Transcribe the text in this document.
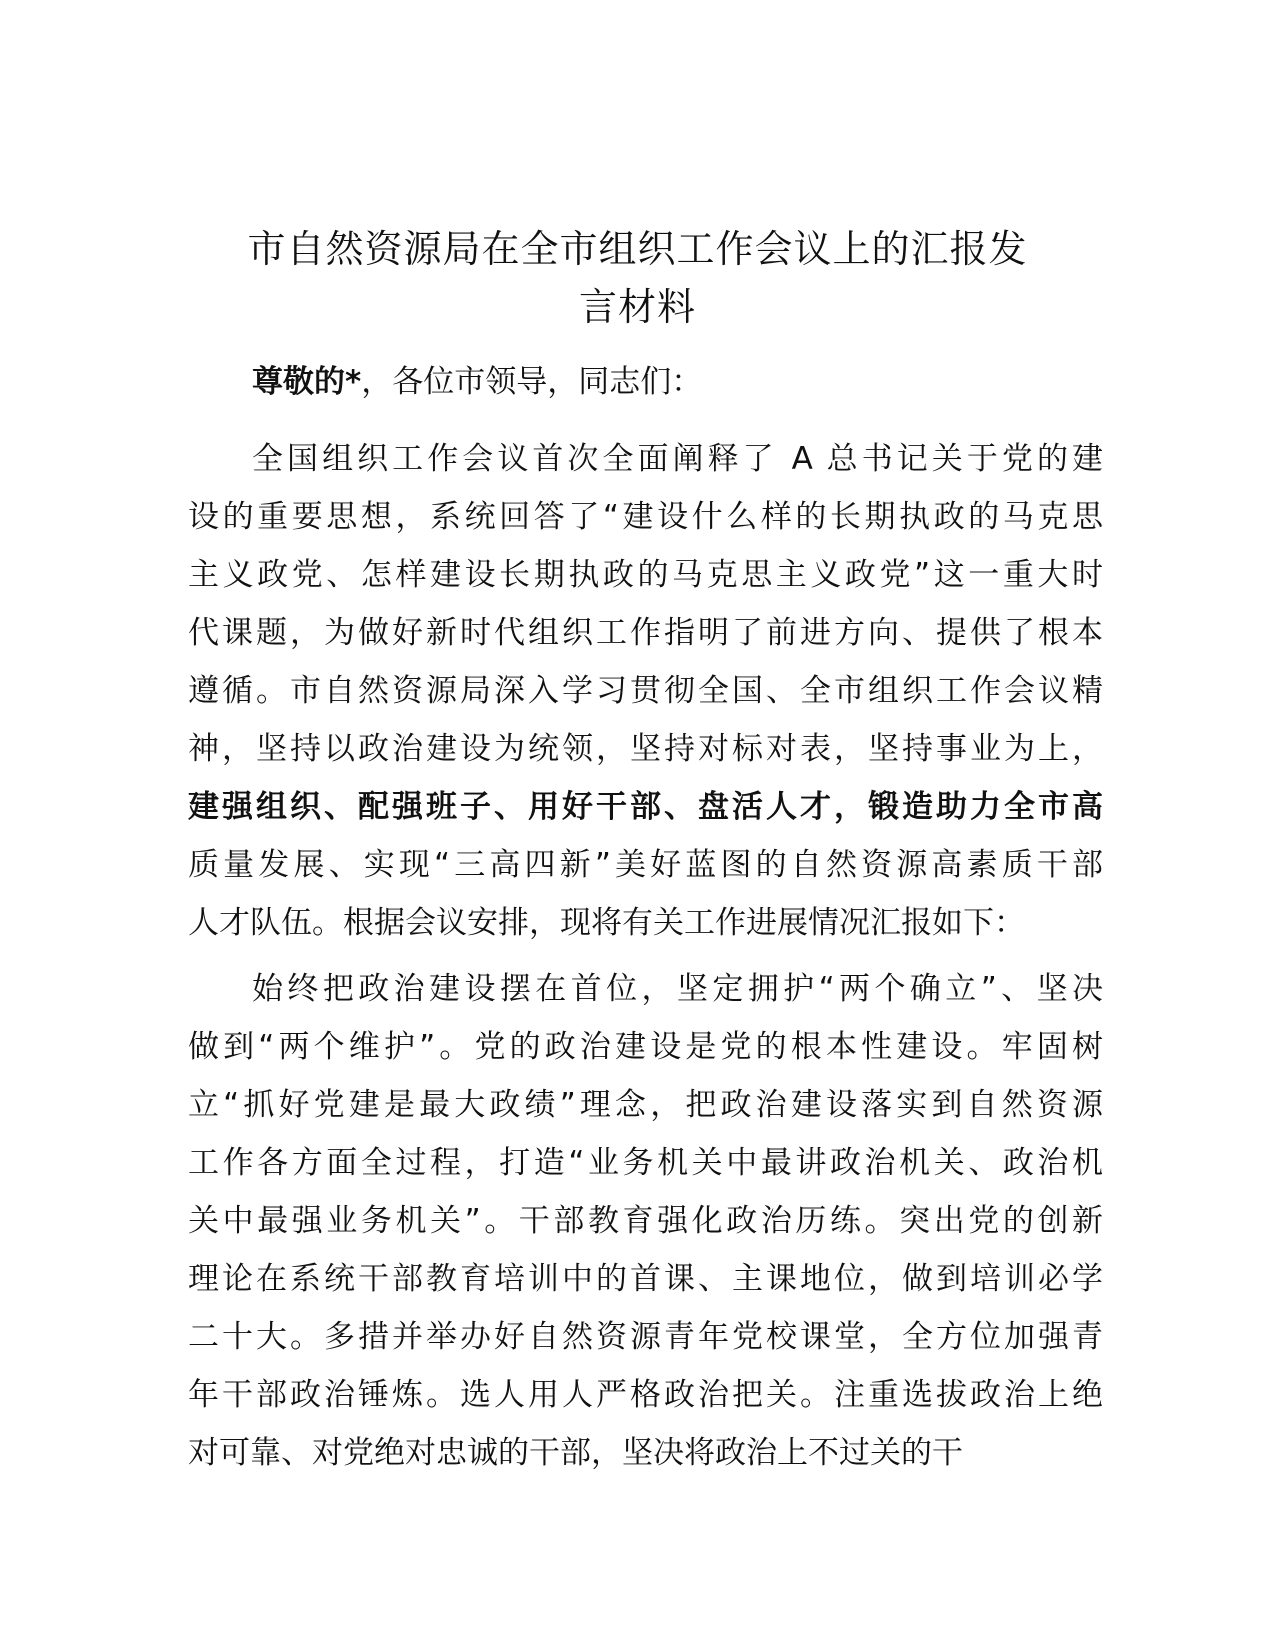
市自然资源局在全市组织工作会议上的汇报发
言材料

尊敬的*，各位市领导，同志们：

全国组织工作会议首次全面阐释了 A 总书记关于党的建
设的重要思想，系统回答了“建设什么样的长期执政的马克思
主义政党、怎样建设长期执政的马克思主义政党”这一重大时
代课题，为做好新时代组织工作指明了前进方向、提供了根本
遵循。市自然资源局深入学习贯彻全国、全市组织工作会议精
神，坚持以政治建设为统领，坚持对标对表，坚持事业为上，
建强组织、配强班子、用好干部、盘活人才，锻造助力全市高
质量发展、实现“三高四新”美好蓝图的自然资源高素质干部
人才队伍。根据会议安排，现将有关工作进展情况汇报如下：
始终把政治建设摆在首位，坚定拥护“两个确立”、坚决
做到“两个维护”。党的政治建设是党的根本性建设。牢固树
立“抓好党建是最大政绩”理念，把政治建设落实到自然资源
工作各方面全过程，打造“业务机关中最讲政治机关、政治机
关中最强业务机关”。干部教育强化政治历练。突出党的创新
理论在系统干部教育培训中的首课、主课地位，做到培训必学
二十大。多措并举办好自然资源青年党校课堂，全方位加强青
年干部政治锤炼。选人用人严格政治把关。注重选拔政治上绝
对可靠、对党绝对忠诚的干部，坚决将政治上不过关的干
